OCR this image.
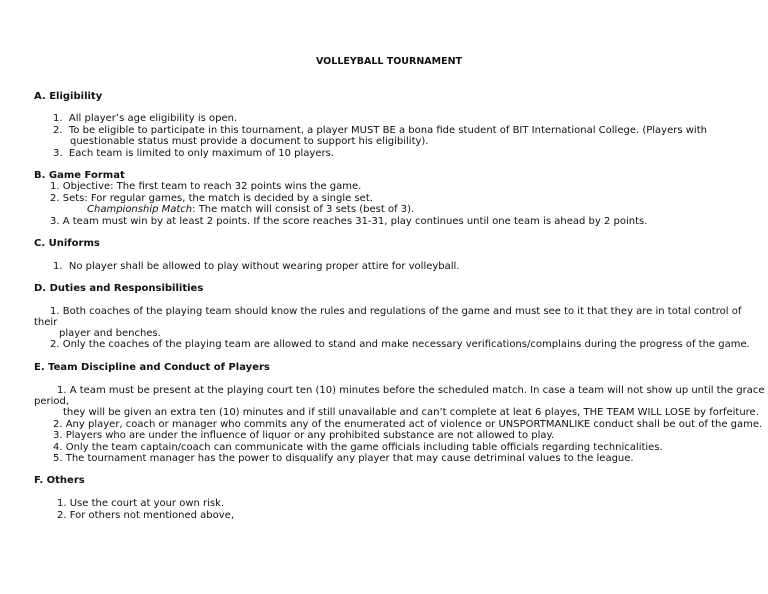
VOLLEYBALL TOURNAMENT
A. Eligibility
1.  All player’s age eligibility is open.
2.  To be eligible to participate in this tournament, a player MUST BE a bona fide student of BIT International College. (Players with
questionable status must provide a document to support his eligibility).
3.  Each team is limited to only maximum of 10 players.
B. Game Format
1. Objective: The first team to reach 32 points wins the game.
2. Sets: For regular games, the match is decided by a single set.
Championship Match: The match will consist of 3 sets (best of 3).
3. A team must win by at least 2 points. If the score reaches 31-31, play continues until one team is ahead by 2 points.
C. Uniforms
1.  No player shall be allowed to play without wearing proper attire for volleyball.
D. Duties and Responsibilities
1. Both coaches of the playing team should know the rules and regulations of the game and must see to it that they are in total control of
their
player and benches.
2. Only the coaches of the playing team are allowed to stand and make necessary verifications/complains during the progress of the game.
E. Team Discipline and Conduct of Players
1. A team must be present at the playing court ten (10) minutes before the scheduled match. In case a team will not show up until the grace
period,
they will be given an extra ten (10) minutes and if still unavailable and can’t complete at leat 6 playes, THE TEAM WILL LOSE by forfeiture.
2. Any player, coach or manager who commits any of the enumerated act of violence or UNSPORTMANLIKE conduct shall be out of the game.
3. Players who are under the influence of liquor or any prohibited substance are not allowed to play.
4. Only the team captain/coach can communicate with the game officials including table officials regarding technicalities.
5. The tournament manager has the power to disqualify any player that may cause detriminal values to the league.
F. Others
1. Use the court at your own risk.
2. For others not mentioned above,
